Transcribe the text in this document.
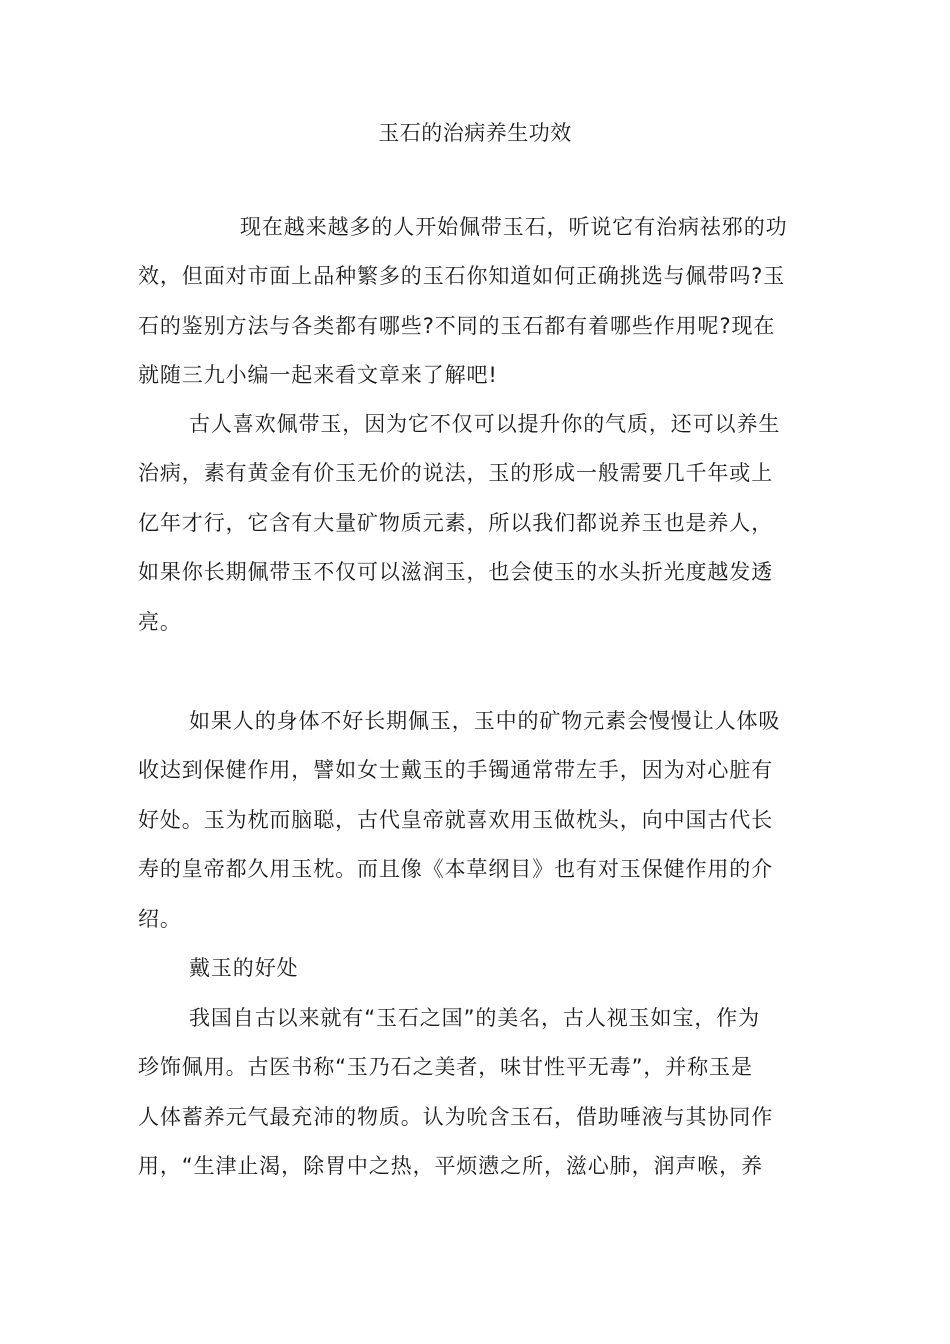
玉石的治病养生功效

现在越来越多的人开始佩带玉石，听说它有治病祛邪的功
效，但面对市面上品种繁多的玉石你知道如何正确挑选与佩带吗?玉
石的鉴别方法与各类都有哪些?不同的玉石都有着哪些作用呢?现在
就随三九小编一起来看文章来了解吧!

古人喜欢佩带玉，因为它不仅可以提升你的气质，还可以养生
治病，素有黄金有价玉无价的说法，玉的形成一般需要几千年或上
亿年才行，它含有大量矿物质元素，所以我们都说养玉也是养人，
如果你长期佩带玉不仅可以滋润玉，也会使玉的水头折光度越发透
亮。

如果人的身体不好长期佩玉，玉中的矿物元素会慢慢让人体吸
收达到保健作用，譬如女士戴玉的手镯通常带左手，因为对心脏有
好处。玉为枕而脑聪，古代皇帝就喜欢用玉做枕头，向中国古代长
寿的皇帝都久用玉枕。而且像《本草纲目》也有对玉保健作用的介
绍。

戴玉的好处

我国自古以来就有“玉石之国”的美名，古人视玉如宝，作为
珍饰佩用。古医书称“玉乃石之美者，味甘性平无毒”，并称玉是
人体蓄养元气最充沛的物质。认为吮含玉石，借助唾液与其协同作
用，“生津止渴，除胃中之热，平烦懑之所，滋心肺，润声喉，养
